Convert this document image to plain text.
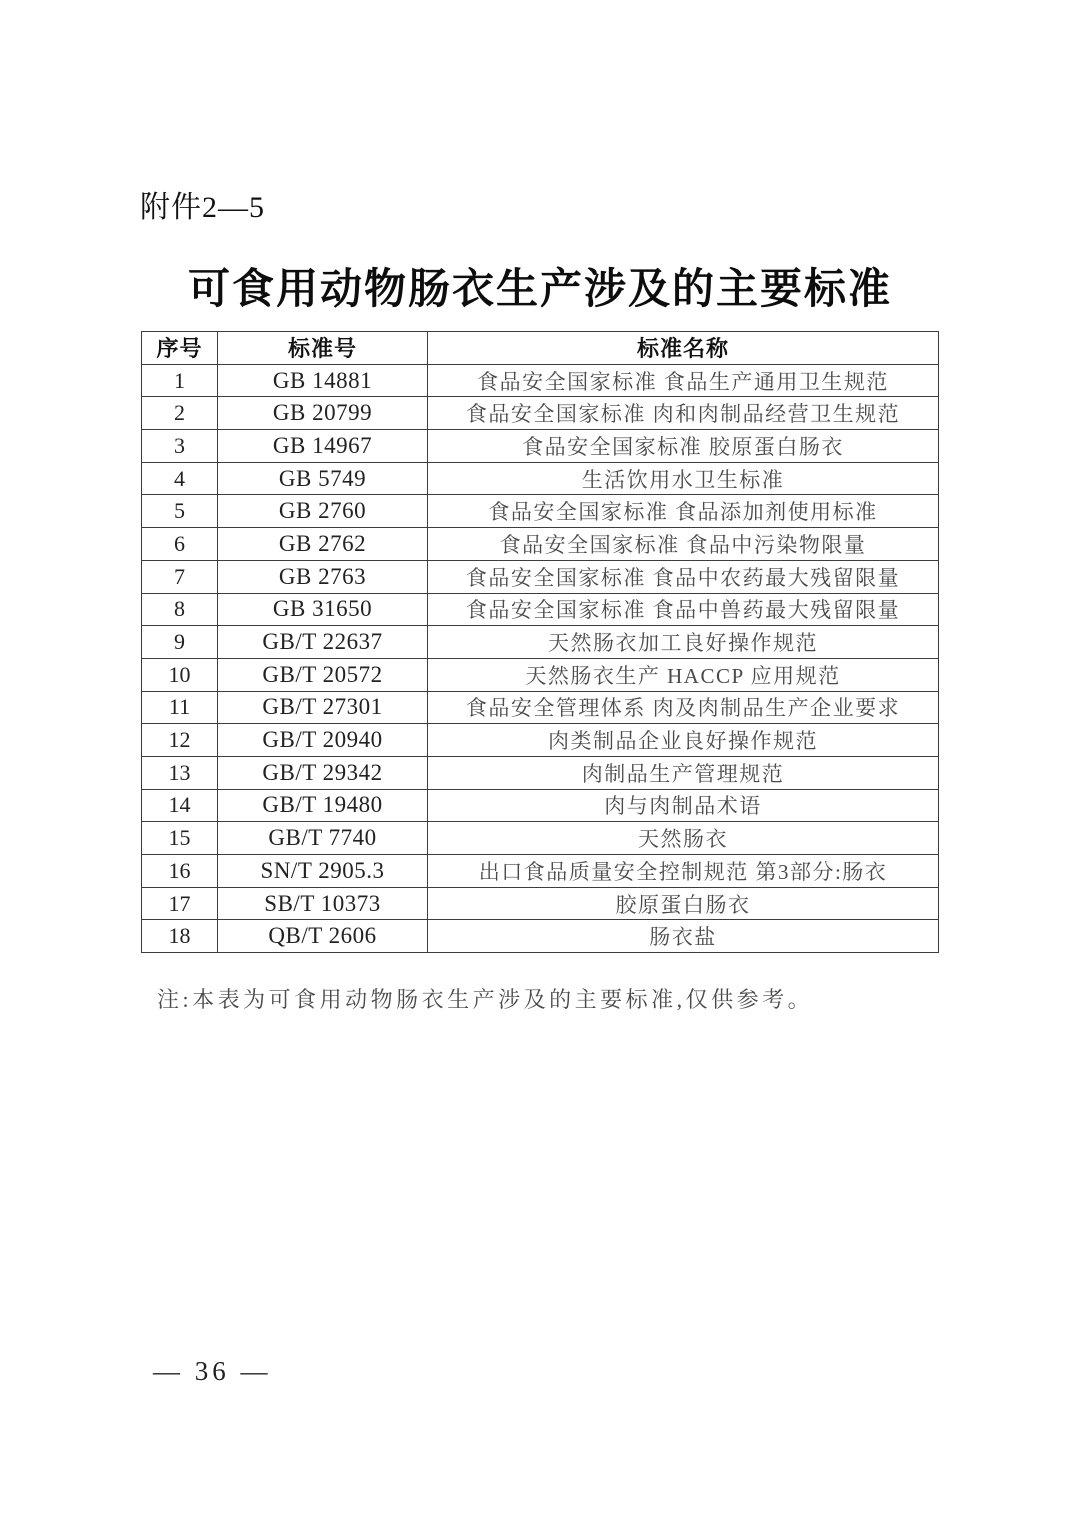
附件2—5
可食用动物肠衣生产涉及的主要标准
序号	标准号	标准名称
1	GB 14881	食品安全国家标准 食品生产通用卫生规范
2	GB 20799	食品安全国家标准 肉和肉制品经营卫生规范
3	GB 14967	食品安全国家标准 胶原蛋白肠衣
4	GB 5749	生活饮用水卫生标准
5	GB 2760	食品安全国家标准 食品添加剂使用标准
6	GB 2762	食品安全国家标准 食品中污染物限量
7	GB 2763	食品安全国家标准 食品中农药最大残留限量
8	GB 31650	食品安全国家标准 食品中兽药最大残留限量
9	GB/T 22637	天然肠衣加工良好操作规范
10	GB/T 20572	天然肠衣生产 HACCP 应用规范
11	GB/T 27301	食品安全管理体系 肉及肉制品生产企业要求
12	GB/T 20940	肉类制品企业良好操作规范
13	GB/T 29342	肉制品生产管理规范
14	GB/T 19480	肉与肉制品术语
15	GB/T 7740	天然肠衣
16	SN/T 2905.3	出口食品质量安全控制规范 第3部分:肠衣
17	SB/T 10373	胶原蛋白肠衣
18	QB/T 2606	肠衣盐
注:本表为可食用动物肠衣生产涉及的主要标准,仅供参考。
— 36 —
